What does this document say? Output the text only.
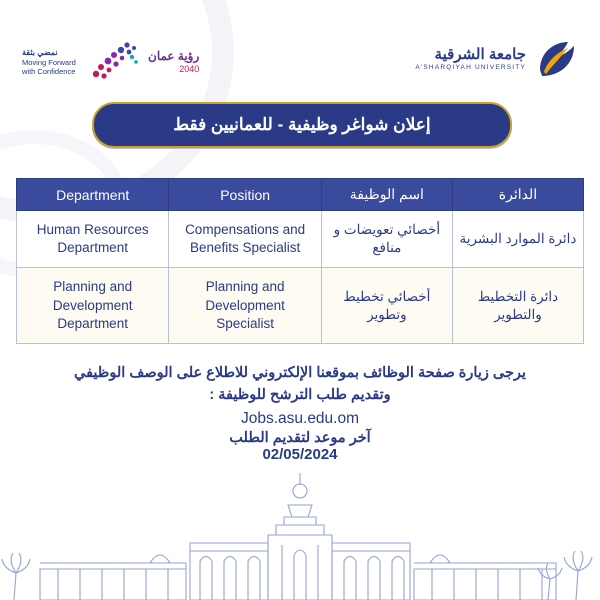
نمضي بثقة
Moving Forward
with Confidence
رؤية عمان
2040
جامعة الشرقية
A'SHARQIYAH UNIVERSITY
إعلان شواغر وظيفية - للعمانيين فقط
Department	Position	اسم الوظيفة	الدائرة
Human Resources Department	Compensations and Benefits Specialist	أخصائي تعويضات و منافع	دائرة الموارد البشرية
Planning and Development Department	Planning and Development Specialist	أخصائي تخطيط وتطوير	دائرة التخطيط والتطوير
يرجى زيارة صفحة الوظائف بموقعنا الإلكتروني للاطلاع على الوصف الوظيفي
وتقديم طلب الترشح للوظيفة :
Jobs.asu.edu.om
آخر موعد لتقديم الطلب
02/05/2024
